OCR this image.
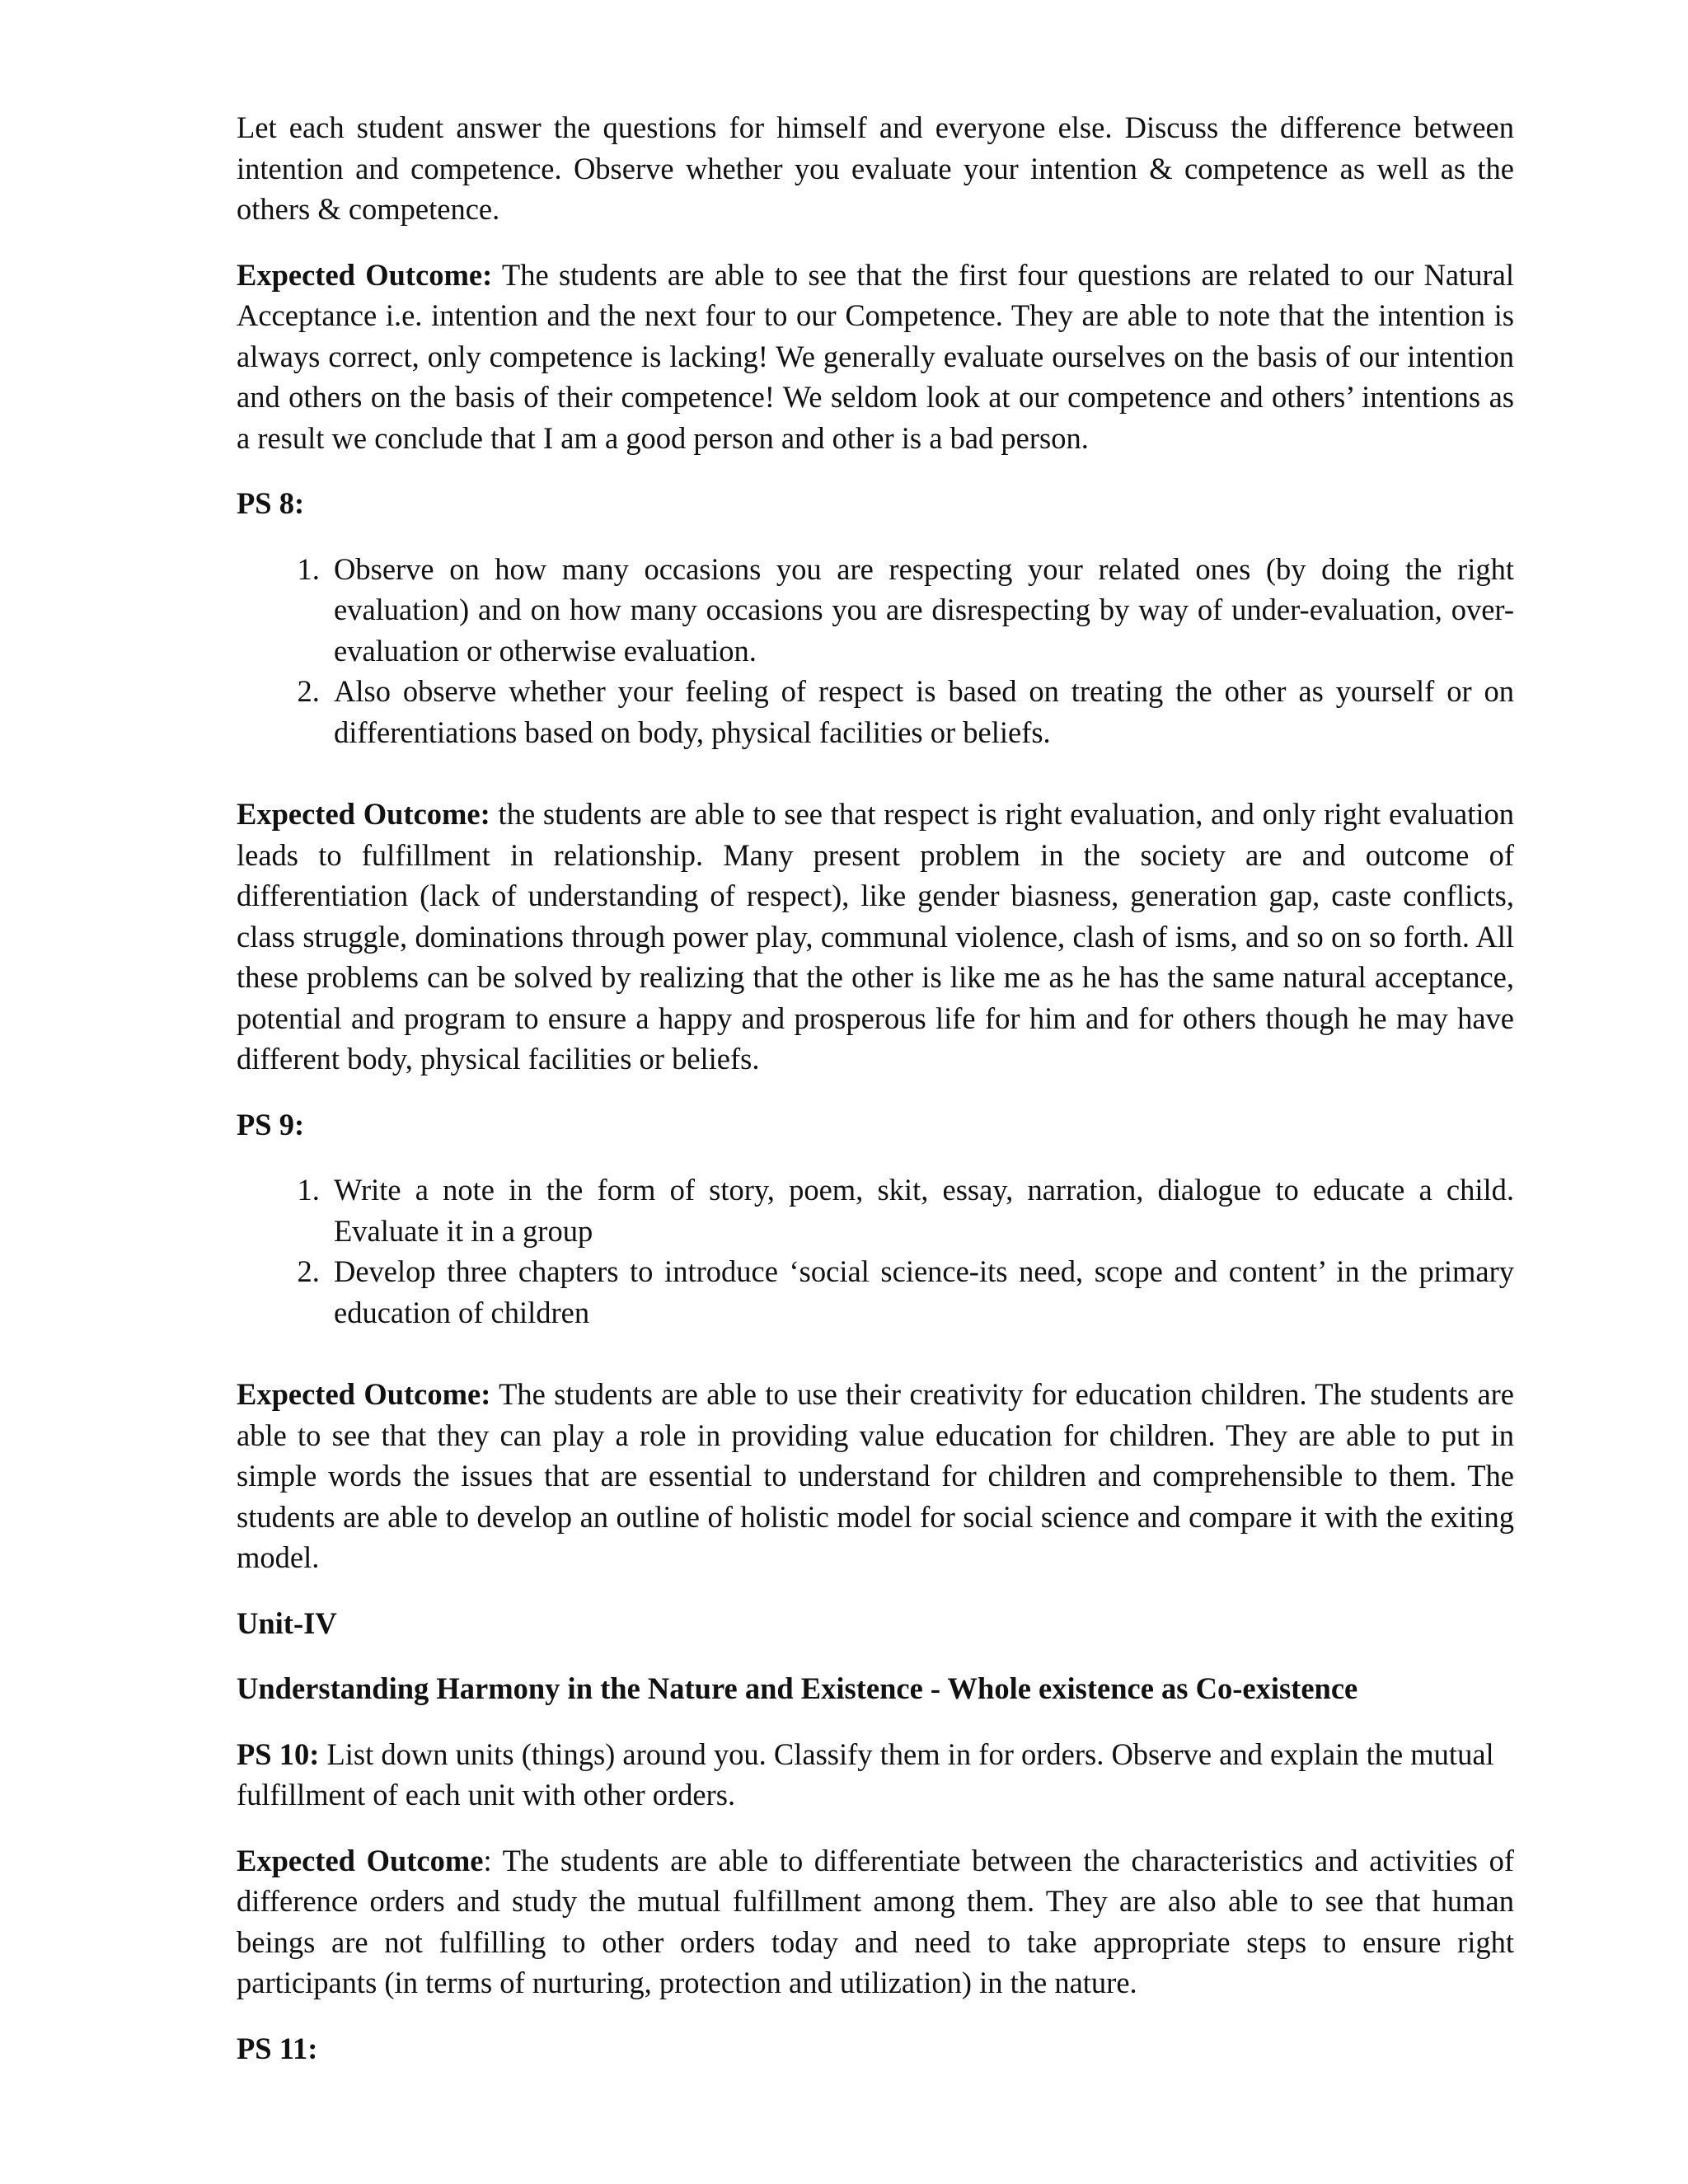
Let each student answer the questions for himself and everyone else. Discuss the difference between intention and competence. Observe whether you evaluate your intention & competence as well as the others & competence.

Expected Outcome: The students are able to see that the first four questions are related to our Natural Acceptance i.e. intention and the next four to our Competence. They are able to note that the intention is always correct, only competence is lacking! We generally evaluate ourselves on the basis of our intention and others on the basis of their competence! We seldom look at our competence and others’ intentions as a result we conclude that I am a good person and other is a bad person.

PS 8:

1. Observe on how many occasions you are respecting your related ones (by doing the right evaluation) and on how many occasions you are disrespecting by way of under-evaluation, over-evaluation or otherwise evaluation.
2. Also observe whether your feeling of respect is based on treating the other as yourself or on differentiations based on body, physical facilities or beliefs.

Expected Outcome: the students are able to see that respect is right evaluation, and only right evaluation leads to fulfillment in relationship. Many present problem in the society are and outcome of differentiation (lack of understanding of respect), like gender biasness, generation gap, caste conflicts, class struggle, dominations through power play, communal violence, clash of isms, and so on so forth. All these problems can be solved by realizing that the other is like me as he has the same natural acceptance, potential and program to ensure a happy and prosperous life for him and for others though he may have different body, physical facilities or beliefs.

PS 9:

1. Write a note in the form of story, poem, skit, essay, narration, dialogue to educate a child. Evaluate it in a group
2. Develop three chapters to introduce ‘social science-its need, scope and content’ in the primary education of children

Expected Outcome: The students are able to use their creativity for education children. The students are able to see that they can play a role in providing value education for children. They are able to put in simple words the issues that are essential to understand for children and comprehensible to them. The students are able to develop an outline of holistic model for social science and compare it with the exiting model.

Unit-IV

Understanding Harmony in the Nature and Existence - Whole existence as Co-existence

PS 10: List down units (things) around you. Classify them in for orders. Observe and explain the mutual fulfillment of each unit with other orders.

Expected Outcome: The students are able to differentiate between the characteristics and activities of difference orders and study the mutual fulfillment among them. They are also able to see that human beings are not fulfilling to other orders today and need to take appropriate steps to ensure right participants (in terms of nurturing, protection and utilization) in the nature.

PS 11:
